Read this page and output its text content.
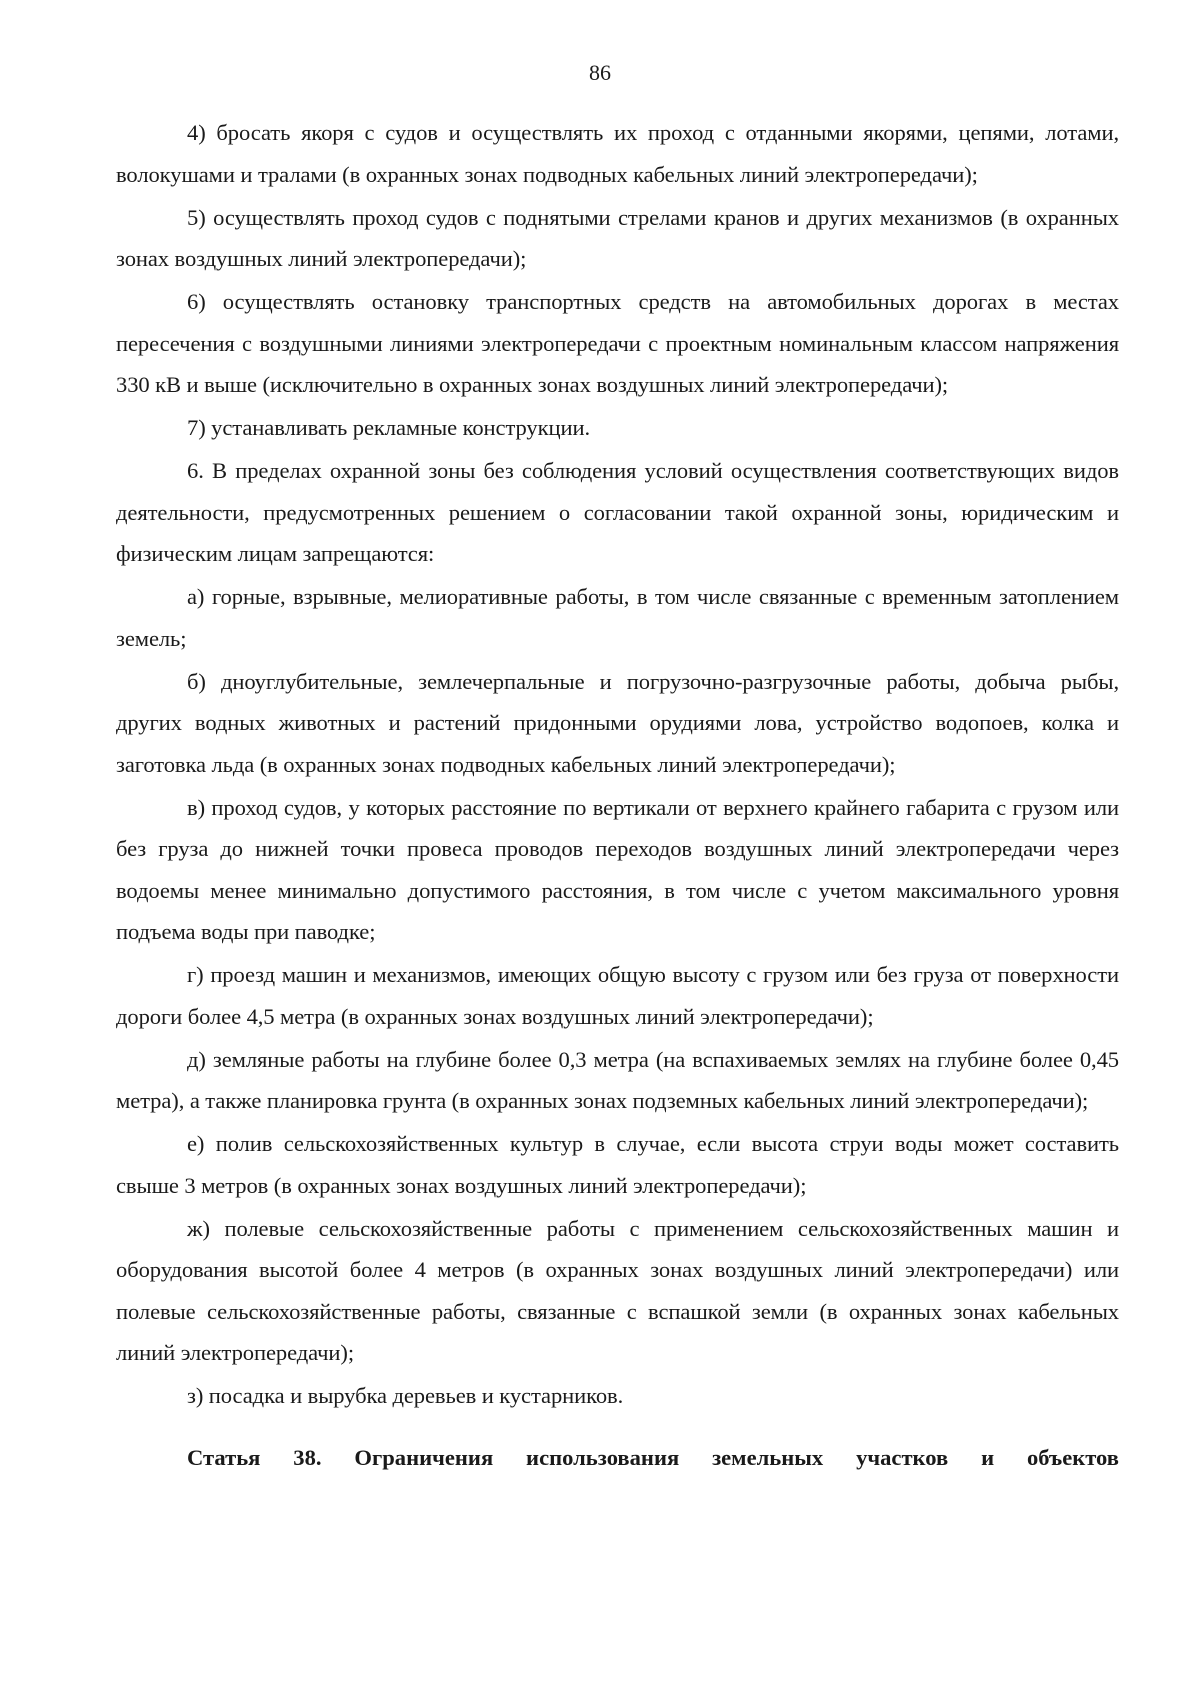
86

4) бросать якоря с судов и осуществлять их проход с отданными якорями, цепями, лотами, волокушами и тралами (в охранных зонах подводных кабельных линий электропередачи);

5) осуществлять проход судов с поднятыми стрелами кранов и других механизмов (в охранных зонах воздушных линий электропередачи);

6) осуществлять остановку транспортных средств на автомобильных дорогах в местах пересечения с воздушными линиями электропередачи с проектным номинальным классом напряжения 330 кВ и выше (исключительно в охранных зонах воздушных линий электропередачи);

7) устанавливать рекламные конструкции.

6. В пределах охранной зоны без соблюдения условий осуществления соответствующих видов деятельности, предусмотренных решением о согласовании такой охранной зоны, юридическим и физическим лицам запрещаются:

а) горные, взрывные, мелиоративные работы, в том числе связанные с временным затоплением земель;

б) дноуглубительные, землечерпальные и погрузочно-разгрузочные работы, добыча рыбы, других водных животных и растений придонными орудиями лова, устройство водопоев, колка и заготовка льда (в охранных зонах подводных кабельных линий электропередачи);

в) проход судов, у которых расстояние по вертикали от верхнего крайнего габарита с грузом или без груза до нижней точки провеса проводов переходов воздушных линий электропередачи через водоемы менее минимально допустимого расстояния, в том числе с учетом максимального уровня подъема воды при паводке;

г) проезд машин и механизмов, имеющих общую высоту с грузом или без груза от поверхности дороги более 4,5 метра (в охранных зонах воздушных линий электропередачи);

д) земляные работы на глубине более 0,3 метра (на вспахиваемых землях на глубине более 0,45 метра), а также планировка грунта (в охранных зонах подземных кабельных линий электропередачи);

е) полив сельскохозяйственных культур в случае, если высота струи воды может составить свыше 3 метров (в охранных зонах воздушных линий электропередачи);

ж) полевые сельскохозяйственные работы с применением сельскохозяйственных машин и оборудования высотой более 4 метров (в охранных зонах воздушных линий электропередачи) или полевые сельскохозяйственные работы, связанные с вспашкой земли (в охранных зонах кабельных линий электропередачи);

з) посадка и вырубка деревьев и кустарников.

Статья 38. Ограничения использования земельных участков и объектов
